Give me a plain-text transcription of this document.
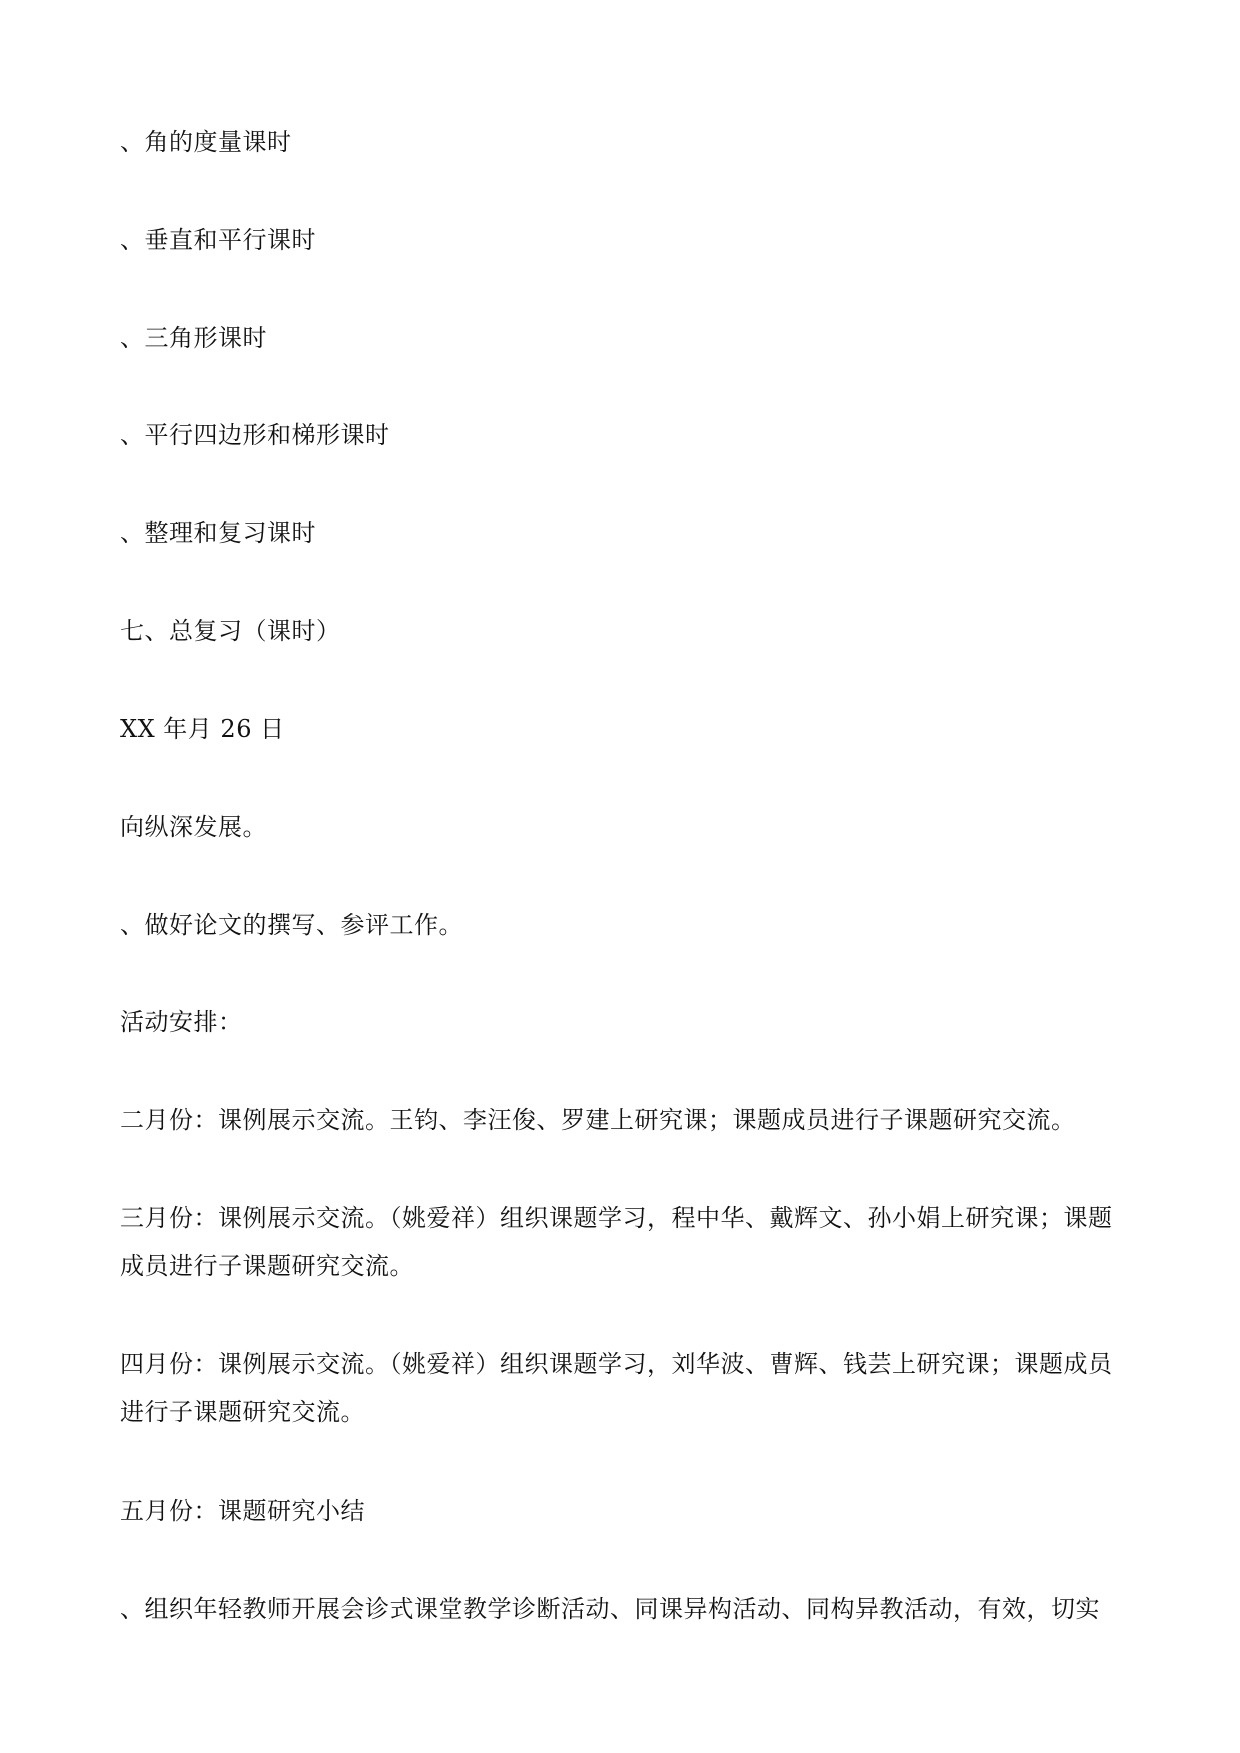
、角的度量课时
、垂直和平行课时
、三角形课时
、平行四边形和梯形课时
、整理和复习课时
七、总复习（课时）
XX 年月 26 日
向纵深发展。
、做好论文的撰写、参评工作。
活动安排：
二月份：课例展示交流。王钧、李汪俊、罗建上研究课；课题成员进行子课题研究交流。
三月份：课例展示交流。（姚爱祥）组织课题学习，程中华、戴辉文、孙小娟上研究课；课题成员进行子课题研究交流。
四月份：课例展示交流。（姚爱祥）组织课题学习，刘华波、曹辉、钱芸上研究课；课题成员进行子课题研究交流。
五月份：课题研究小结
、组织年轻教师开展会诊式课堂教学诊断活动、同课异构活动、同构异教活动，有效，切实
